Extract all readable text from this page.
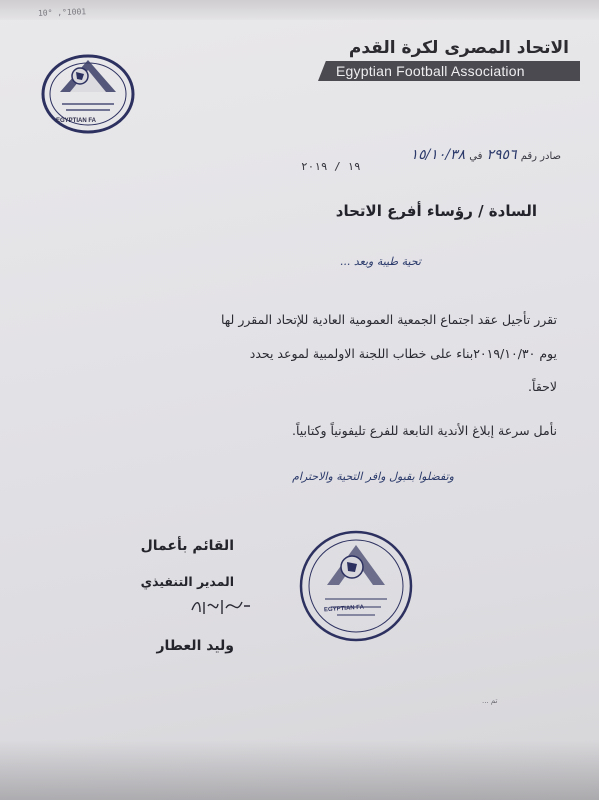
10° ,°1001
الاتحاد المصرى لكرة القدم
Egyptian Football Association
EGYPTIAN FA
صادر رقم ٢٩٥٦ في ١٥/١٠/٣٨
١٩ / ٢٠١٩
السادة / رؤساء أفرع الاتحاد
تحية طيبة وبعد ...
تقرر تأجيل عقد اجتماع الجمعية العمومية العادية للإتحاد المقرر لها
يوم ٢٠١٩/١٠/٣٠بناء على خطاب اللجنة الاولمبية لموعد يحدد
لاحقاً.
نأمل سرعة إبلاغ الأندية التابعة للفرع تليفونياً وكتابياً.
وتفضلوا بقبول وافر التحية والاحترام
القائم بأعمال
المدير التنفيذي
وليد العطار
EGYPTIAN FA
تم ...
